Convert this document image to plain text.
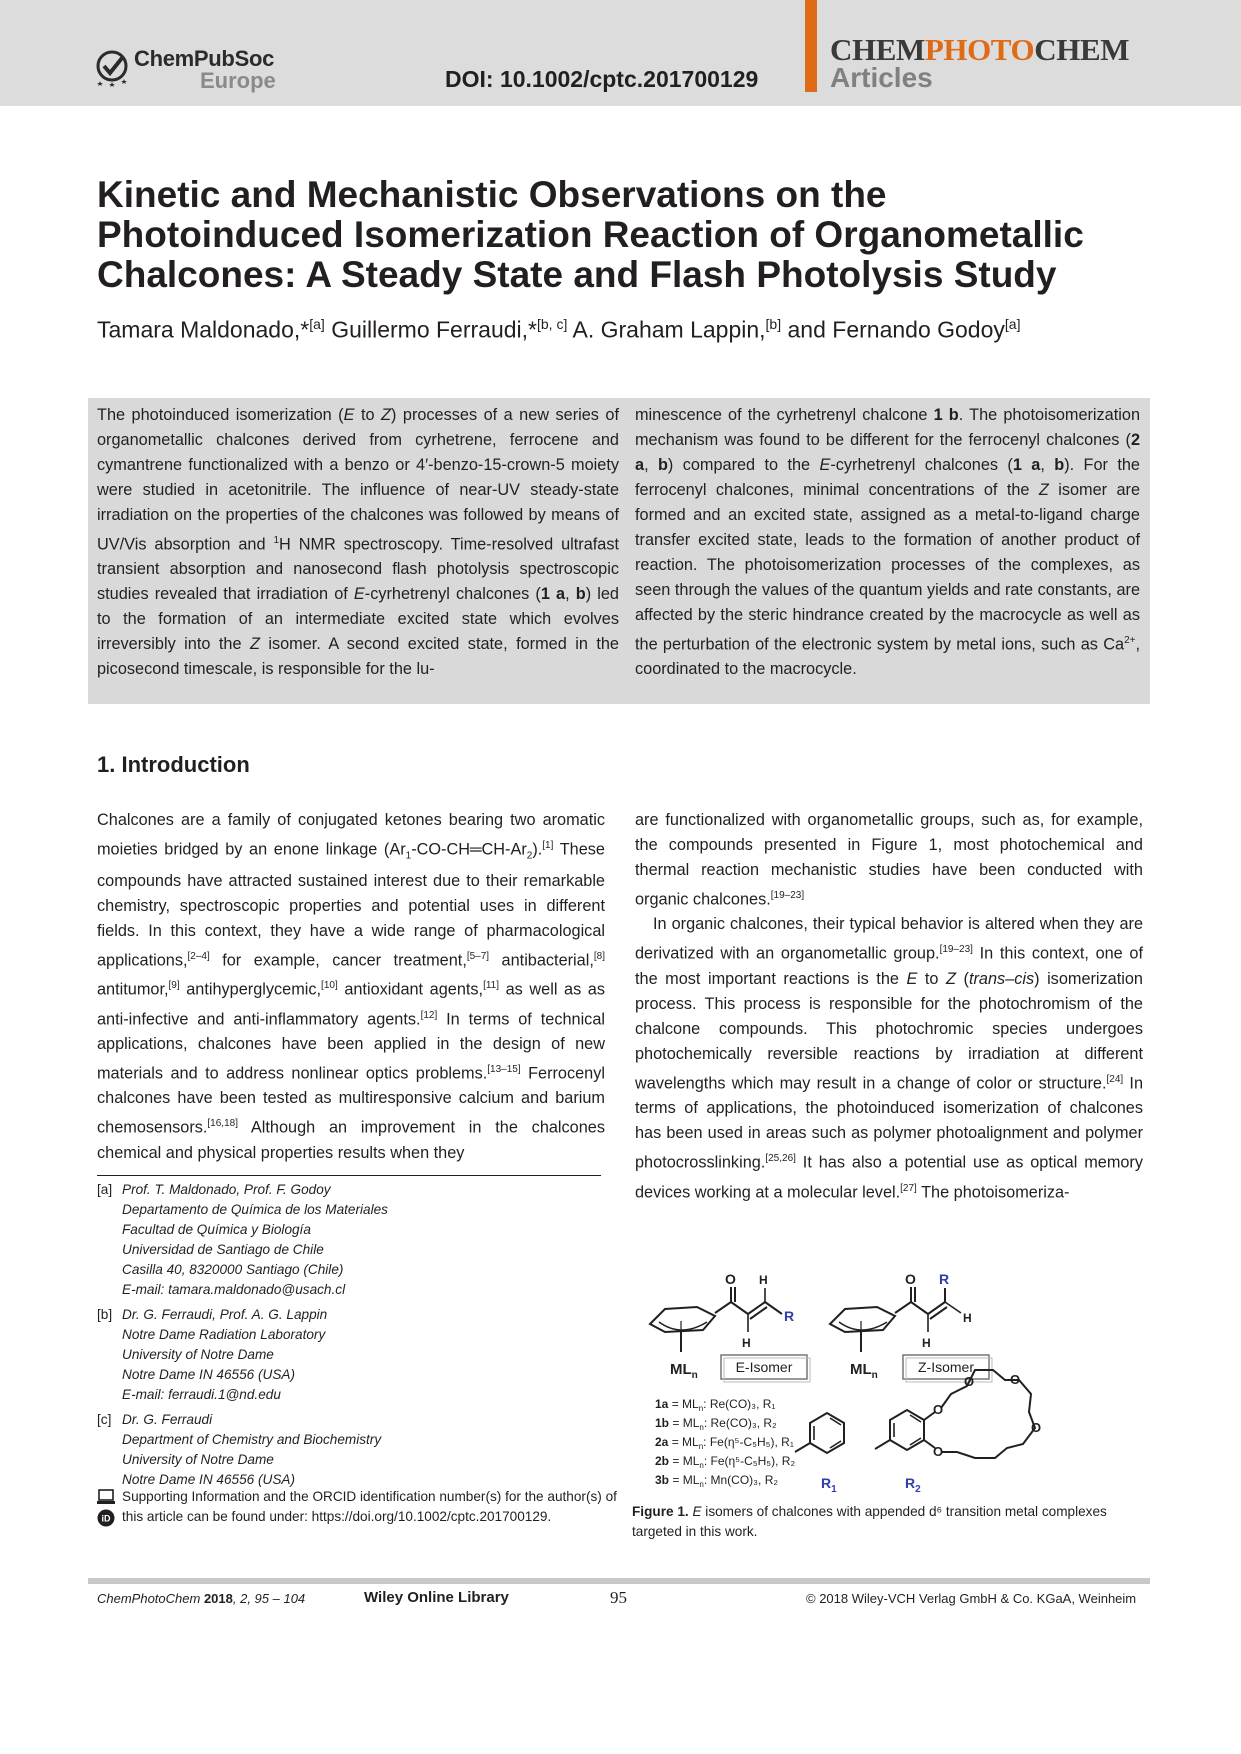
ChemPubSoc
Europe	DOI: 10.1002/cptc.201700129
CHEMPHOTOCHEM
Articles
Kinetic and Mechanistic Observations on the
Photoinduced Isomerization Reaction of Organometallic
Chalcones: A Steady State and Flash Photolysis Study
Tamara Maldonado,*[a] Guillermo Ferraudi,*[b, c] A. Graham Lappin,[b] and Fernando Godoy[a]

The photoinduced isomerization (E to Z) processes of a new series of organometallic chalcones derived from cyrhetrene, ferrocene and cymantrene functionalized with a benzo or 4′-benzo-15-crown-5 moiety were studied in acetonitrile. The influence of near-UV steady-state irradiation on the properties of the chalcones was followed by means of UV/Vis absorption and $^1$H NMR spectroscopy. Time-resolved ultrafast transient absorption and nanosecond flash photolysis spectroscopic studies revealed that irradiation of E-cyrhetrenyl chalcones (1 a, b) led to the formation of an intermediate excited state which evolves irreversibly into the Z isomer. A second excited state, formed in the picosecond timescale, is responsible for the lu-

minescence of the cyrhetrenyl chalcone 1 b. The photoisomerization mechanism was found to be different for the ferrocenyl chalcones (2 a, b) compared to the E-cyrhetrenyl chalcones (1 a, b). For the ferrocenyl chalcones, minimal concentrations of the Z isomer are formed and an excited state, assigned as a metal-to-ligand charge transfer excited state, leads to the formation of another product of reaction. The photoisomerization processes of the complexes, as seen through the values of the quantum yields and rate constants, are affected by the steric hindrance created by the macrocycle as well as the perturbation of the electronic system by metal ions, such as $Ca^{2+}$, coordinated to the macrocycle.

1. Introduction

Chalcones are a family of conjugated ketones bearing two aromatic moieties bridged by an enone linkage $(Ar_1-CO-CH═CH-Ar_2).[1]$ These compounds have attracted sustained interest due to their remarkable chemistry, spectroscopic properties and potential uses in different fields. In this context, they have a wide range of pharmacological applications,[2–4] for example, cancer treatment,[5–7] antibacterial,[8] antitumor,[9] antihyperglycemic,[10] antioxidant agents,[11] as well as as anti-infective and anti-inflammatory agents.[12] In terms of technical applications, chalcones have been applied in the design of new materials and to address nonlinear optics problems.[13–15] Ferrocenyl chalcones have been tested as multiresponsive calcium and barium chemosensors.[16,18] Although an improvement in the chalcones chemical and physical properties results when they

are functionalized with organometallic groups, such as, for example, the compounds presented in Figure 1, most photochemical and thermal reaction mechanistic studies have been conducted with organic chalcones.[19–23]

In organic chalcones, their typical behavior is altered when they are derivatized with an organometallic group.[19–23] In this context, one of the most important reactions is the E to Z (trans–cis) isomerization process. This process is responsible for the photochromism of the chalcone compounds. This photochromic species undergoes photochemically reversible reactions by irradiation at different wavelengths which may result in a change of color or structure.[24] In terms of applications, the photoinduced isomerization of chalcones has been used in areas such as polymer photoalignment and polymer photocrosslinking.[25,26] It has also a potential use as optical memory devices working at a molecular level.[27] The photoisomeriza-

[a] Prof. T. Maldonado, Prof. F. Godoy
Departamento de Química de los Materiales
Facultad de Química y Biología
Universidad de Santiago de Chile
Casilla 40, 8320000 Santiago (Chile)
E-mail: tamara.maldonado@usach.cl
[b] Dr. G. Ferraudi, Prof. A. G. Lappin
Notre Dame Radiation Laboratory
University of Notre Dame
Notre Dame IN 46556 (USA)
E-mail: ferraudi.1@nd.edu
[c] Dr. G. Ferraudi
Department of Chemistry and Biochemistry
University of Notre Dame
Notre Dame IN 46556 (USA)
iD
Supporting Information and the ORCID identification number(s) for the author(s) of this article can be found under: https://doi.org/10.1002/cptc.201700129.
$ML_n$
O
H
H
R
E-Isomer	$ML_n$
O
H
R
H
Z-Isomer
$1a = ML_n$: Re(CO)₃, R₁
$1b = ML_n$: Re(CO)₃, R₂
$2a = ML_n$: Fe(η⁵-C₅H₅), R₁
$2b = ML_n$: Fe(η⁵-C₅H₅), R₂
$3b = ML_n$: Mn(CO)₃, R₂	$R_1$
O
O
O	O
O
$R_2$
Figure 1. E isomers of chalcones with appended d⁶ transition metal complexes targeted in this work.
ChemPhotoChem 2018, 2, 95 – 104	Wiley Online Library	95	© 2018 Wiley-VCH Verlag GmbH & Co. KGaA, Weinheim
